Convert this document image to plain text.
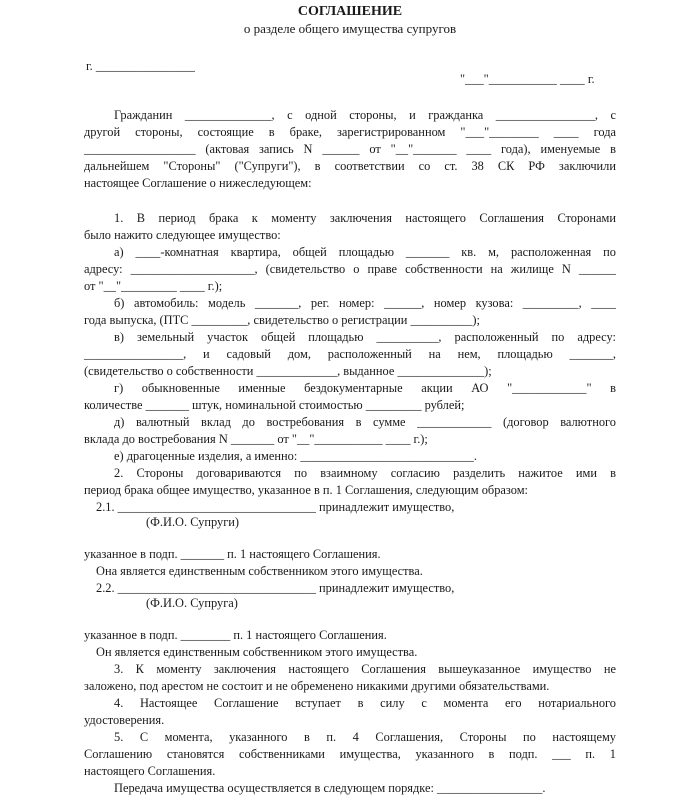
СОГЛАШЕНИЕ
о разделе общего имущества супругов
г. ________________
"___"___________ ____ г.
Гражданин ______________, с одной стороны, и гражданка ________________, с
другой стороны, состоящие в браке, зарегистрированном "___"________ ____ года
__________________ (актовая запись N ______ от "__"_______ ____ года), именуемые в
дальнейшем "Стороны" ("Супруги"), в соответствии со ст. 38 СК РФ заключили
настоящее Соглашение о нижеследующем:
1. В период брака к моменту заключения настоящего Соглашения Сторонами
было нажито следующее имущество:
а) ____-комнатная квартира, общей площадью _______ кв. м, расположенная по
адресу: ____________________, (свидетельство о праве собственности на жилище N ______
от "__"_________ ____ г.);
б) автомобиль: модель _______, рег. номер: ______, номер кузова: _________, ____
года выпуска, (ПТС _________, свидетельство о регистрации __________);
в) земельный участок общей площадью __________, расположенный по адресу:
________________, и садовый дом, расположенный на нем, площадью _______,
(свидетельство о собственности _____________, выданное ______________);
г) обыкновенные именные бездокументарные акции АО "____________" в
количестве _______ штук, номинальной стоимостью _________ рублей;
д) валютный вклад до востребования в сумме ____________ (договор валютного
вклада до востребования N _______ от "__"___________ ____ г.);
е) драгоценные изделия, а именно: ____________________________.
2. Стороны договариваются по взаимному согласию разделить нажитое ими в
период брака общее имущество, указанное в п. 1 Соглашения, следующим образом:
2.1. ________________________________ принадлежит имущество,
(Ф.И.О. Супруги)
указанное в подп. _______ п. 1 настоящего Соглашения.
Она является единственным собственником этого имущества.
2.2. ________________________________ принадлежит имущество,
(Ф.И.О. Супруга)
указанное в подп. ________ п. 1 настоящего Соглашения.
Он является единственным собственником этого имущества.
3. К моменту заключения настоящего Соглашения вышеуказанное имущество не
заложено, под арестом не состоит и не обременено никакими другими обязательствами.
4. Настоящее Соглашение вступает в силу с момента его нотариального
удостоверения.
5. С момента, указанного в п. 4 Соглашения, Стороны по настоящему
Соглашению становятся собственниками имущества, указанного в подп. ___ п. 1
настоящего Соглашения.
Передача имущества осуществляется в следующем порядке: _________________.
